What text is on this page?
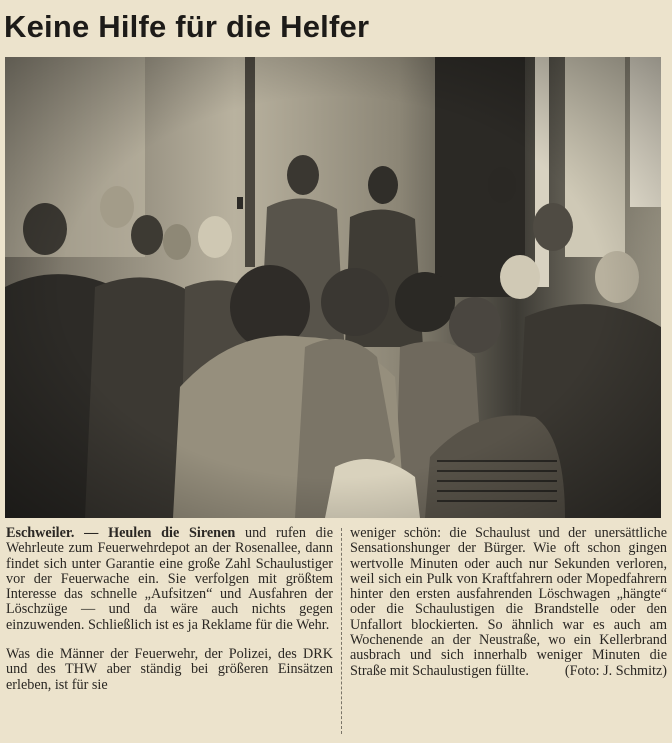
Keine Hilfe für die Helfer

Eschweiler. — Heulen die Sirenen und rufen die Wehrleute zum Feuerwehrdepot an der Rosenallee, dann findet sich unter Garantie eine große Zahl Schaulustiger vor der Feuerwache ein. Sie verfolgen mit größtem Interesse das schnelle „Aufsitzen“ und Ausfahren der Löschzüge — und da wäre auch nichts gegen einzuwenden. Schließlich ist es ja Reklame für die Wehr.

Was die Männer der Feuerwehr, der Polizei, des DRK und des THW aber ständig bei größeren Einsätzen erleben, ist für sie

weniger schön: die Schaulust und der unersättliche Sensationshunger der Bürger. Wie oft schon gingen wertvolle Minuten oder auch nur Sekunden verloren, weil sich ein Pulk von Kraftfahrern oder Mopedfahrern hinter den ersten ausfahrenden Löschwagen „hängte“ oder die Schaulustigen die Brandstelle oder den Unfallort blockierten. So ähnlich war es auch am Wochenende an der Neustraße, wo ein Kellerbrand ausbrach und sich innerhalb weniger Minuten die Straße mit Schaulustigen füllte.	(Foto: J. Schmitz)
